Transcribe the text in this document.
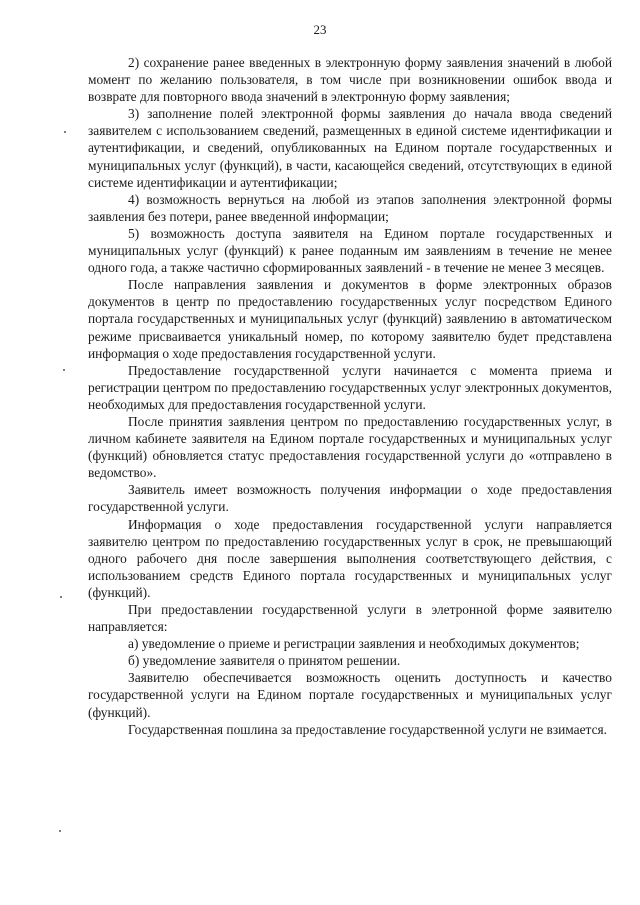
23

2) сохранение ранее введенных в электронную форму заявления значений в любой момент по желанию пользователя, в том числе при возникновении ошибок ввода и возврате для повторного ввода значений в электронную форму заявления;

3) заполнение полей электронной формы заявления до начала ввода сведений заявителем с использованием сведений, размещенных в единой системе идентификации и аутентификации, и сведений, опубликованных на Едином портале государственных и муниципальных услуг (функций), в части, касающейся сведений, отсутствующих в единой системе идентификации и аутентификации;

4) возможность вернуться на любой из этапов заполнения электронной формы заявления без потери, ранее введенной информации;

5) возможность доступа заявителя на Едином портале государственных и муниципальных услуг (функций) к ранее поданным им заявлениям в течение не менее одного года, а также частично сформированных заявлений - в течение не менее 3 месяцев.

После направления заявления и документов в форме электронных образов документов в центр по предоставлению государственных услуг посредством Единого портала государственных и муниципальных услуг (функций) заявлению в автоматическом режиме присваивается уникальный номер, по которому заявителю будет представлена информация о ходе предоставления государственной услуги.

Предоставление государственной услуги начинается с момента приема и регистрации центром по предоставлению государственных услуг электронных документов, необходимых для предоставления государственной услуги.

После принятия заявления центром по предоставлению государственных услуг, в личном кабинете заявителя на Едином портале государственных и муниципальных услуг (функций) обновляется статус предоставления государственной услуги до «отправлено в ведомство».

Заявитель имеет возможность получения информации о ходе предоставления государственной услуги.

Информация о ходе предоставления государственной услуги направляется заявителю центром по предоставлению государственных услуг в срок, не превышающий одного рабочего дня после завершения выполнения соответствующего действия, с использованием средств Единого портала государственных и муниципальных услуг (функций).

При предоставлении государственной услуги в элетронной форме заявителю направляется:

а) уведомление о приеме и регистрации заявления и необходимых документов;

б) уведомление заявителя о принятом решении.

Заявителю обеспечивается возможность оценить доступность и качество государственной услуги на Едином портале государственных и муниципальных услуг (функций).

Государственная пошлина за предоставление государственной услуги не взимается.
